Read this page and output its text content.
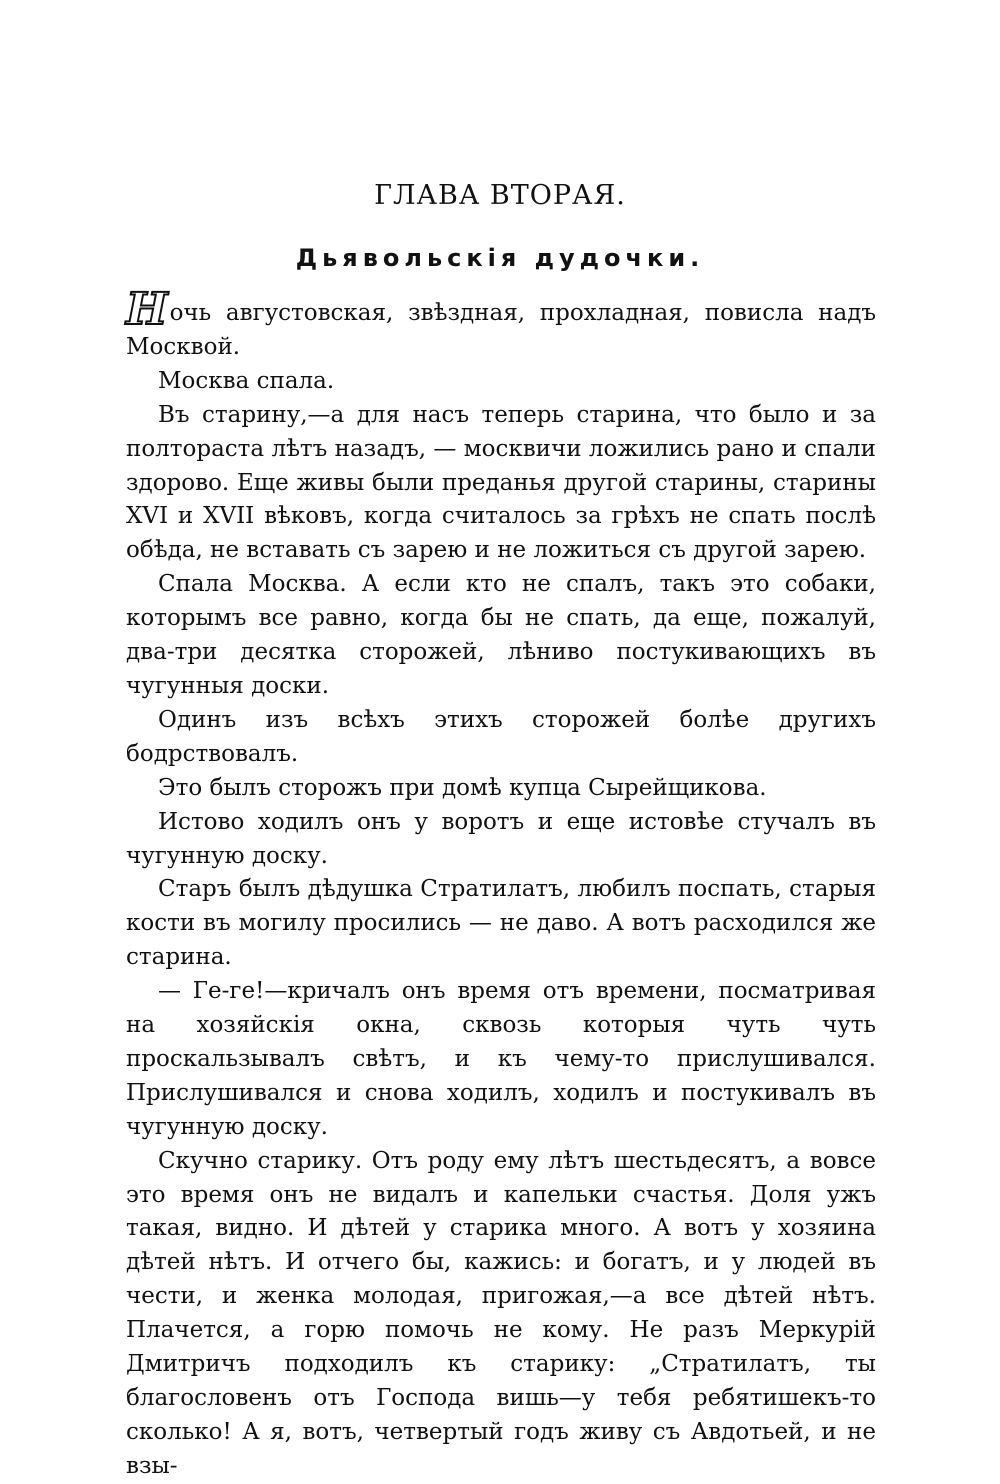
ГЛАВА ВТОРАЯ.
Дьявольскія дудочки.

Ночь августовская, звѣздная, прохладная, повисла надъ Москвой.

Москва спала.

Въ старину,—а для насъ теперь старина, что было и за полтораста лѣтъ назадъ, — москвичи ложились рано и спали здорово. Еще живы были преданья другой старины, старины XVI и XVII вѣковъ, когда считалось за грѣхъ не спать послѣ обѣда, не вставать съ зарею и не ложиться съ другой зарею.

Спала Москва. А если кто не спалъ, такъ это собаки, которымъ все равно, когда бы не спать, да еще, пожалуй, два-три десятка сторожей, лѣниво постукивающихъ въ чугунныя доски.

Одинъ изъ всѣхъ этихъ сторожей болѣе другихъ бодрствовалъ.

Это былъ сторожъ при домѣ купца Сырейщикова.

Истово ходилъ онъ у воротъ и еще истовѣе стучалъ въ чугунную доску.

Старъ былъ дѣдушка Стратилатъ, любилъ поспать, старыя кости въ могилу просились — не даво. А вотъ расходился же старина.

— Ге-ге!—кричалъ онъ время отъ времени, посматривая на хозяйскія окна, сквозь которыя чуть чуть проскальзывалъ свѣтъ, и къ чему-то прислушивался. Прислушивался и снова ходилъ, ходилъ и постукивалъ въ чугунную доску.

Скучно старику. Отъ роду ему лѣтъ шестьдесятъ, а вовсе это время онъ не видалъ и капельки счастья. Доля ужъ такая, видно. И дѣтей у старика много. А вотъ у хозяина дѣтей нѣтъ. И отчего бы, кажись: и богатъ, и у людей въ чести, и женка молодая, пригожая,—а все дѣтей нѣтъ. Плачется, а горю помочь не кому. Не разъ Меркурій Дмитричъ подходилъ къ старику: „Стратилатъ, ты благословенъ отъ Господа вишь—у тебя ребятишекъ-то сколько! А я, вотъ, четвертый годъ живу съ Авдотьей, и не взы-
